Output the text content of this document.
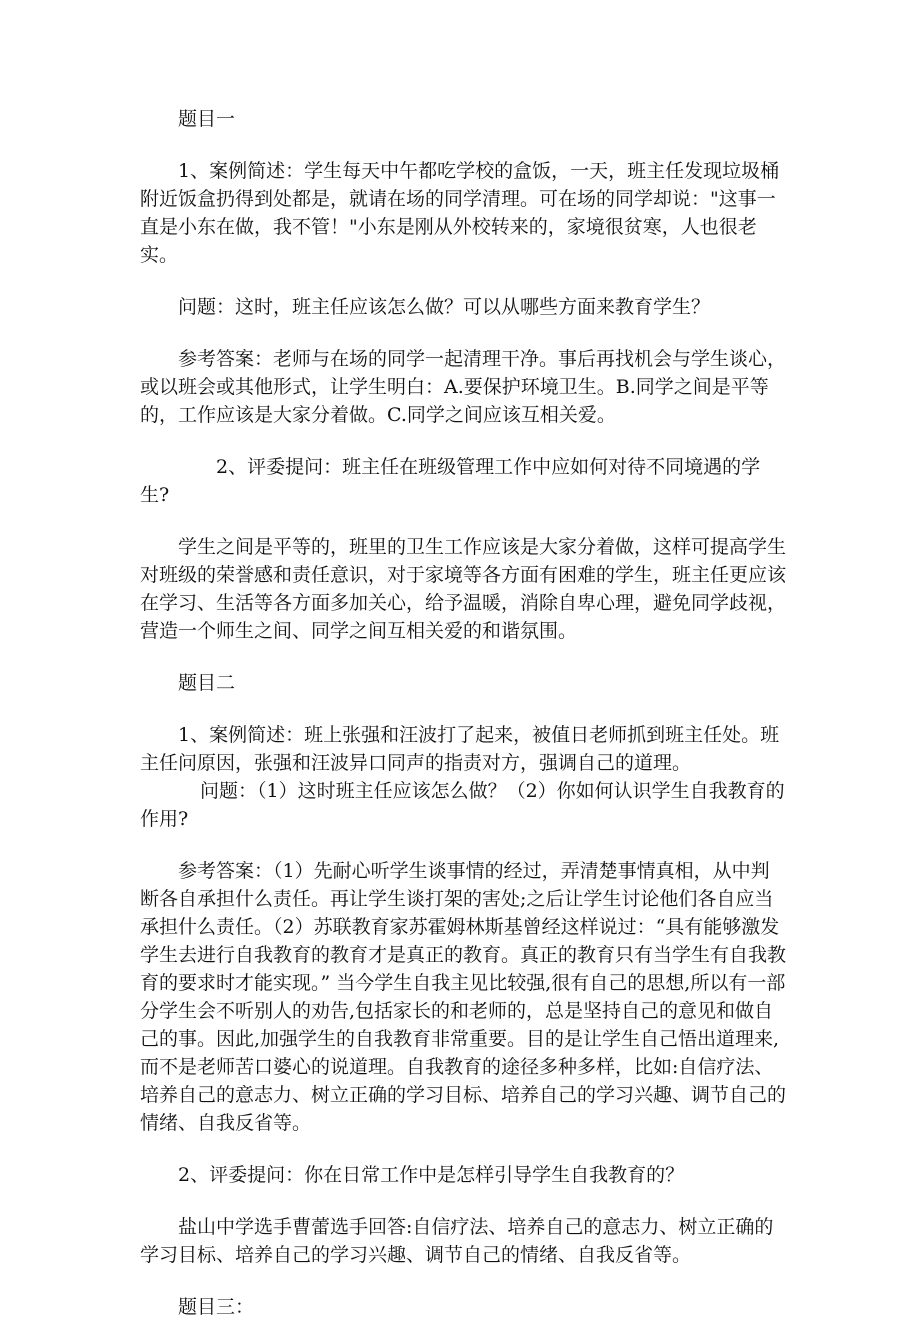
题目一

1、案例简述：学生每天中午都吃学校的盒饭，一天，班主任发现垃圾桶附近饭盒扔得到处都是，就请在场的同学清理。可在场的同学却说："这事一直是小东在做，我不管！"小东是刚从外校转来的，家境很贫寒，人也很老实。

问题：这时，班主任应该怎么做？可以从哪些方面来教育学生？

参考答案：老师与在场的同学一起清理干净。事后再找机会与学生谈心，或以班会或其他形式，让学生明白：A.要保护环境卫生。B.同学之间是平等的，工作应该是大家分着做。C.同学之间应该互相关爱。

2、评委提问：班主任在班级管理工作中应如何对待不同境遇的学生?

学生之间是平等的，班里的卫生工作应该是大家分着做，这样可提高学生对班级的荣誉感和责任意识，对于家境等各方面有困难的学生，班主任更应该在学习、生活等各方面多加关心，给予温暖，消除自卑心理，避免同学歧视，营造一个师生之间、同学之间互相关爱的和谐氛围。

题目二

1、案例简述：班上张强和汪波打了起来，被值日老师抓到班主任处。班主任问原因，张强和汪波异口同声的指责对方，强调自己的道理。

问题：（1）这时班主任应该怎么做？（2）你如何认识学生自我教育的作用?

参考答案：（1）先耐心听学生谈事情的经过，弄清楚事情真相，从中判断各自承担什么责任。再让学生谈打架的害处;之后让学生讨论他们各自应当承担什么责任。（2）苏联教育家苏霍姆林斯基曾经这样说过：“具有能够激发学生去进行自我教育的教育才是真正的教育。真正的教育只有当学生有自我教育的要求时才能实现。” 当今学生自我主见比较强,很有自己的思想,所以有一部分学生会不听别人的劝告,包括家长的和老师的，总是坚持自己的意见和做自己的事。因此,加强学生的自我教育非常重要。目的是让学生自己悟出道理来,而不是老师苦口婆心的说道理。自我教育的途径多种多样，比如:自信疗法、培养自己的意志力、树立正确的学习目标、培养自己的学习兴趣、调节自己的情绪、自我反省等。

2、评委提问：你在日常工作中是怎样引导学生自我教育的？

盐山中学选手曹蕾选手回答:自信疗法、培养自己的意志力、树立正确的学习目标、培养自己的学习兴趣、调节自己的情绪、自我反省等。

题目三：
